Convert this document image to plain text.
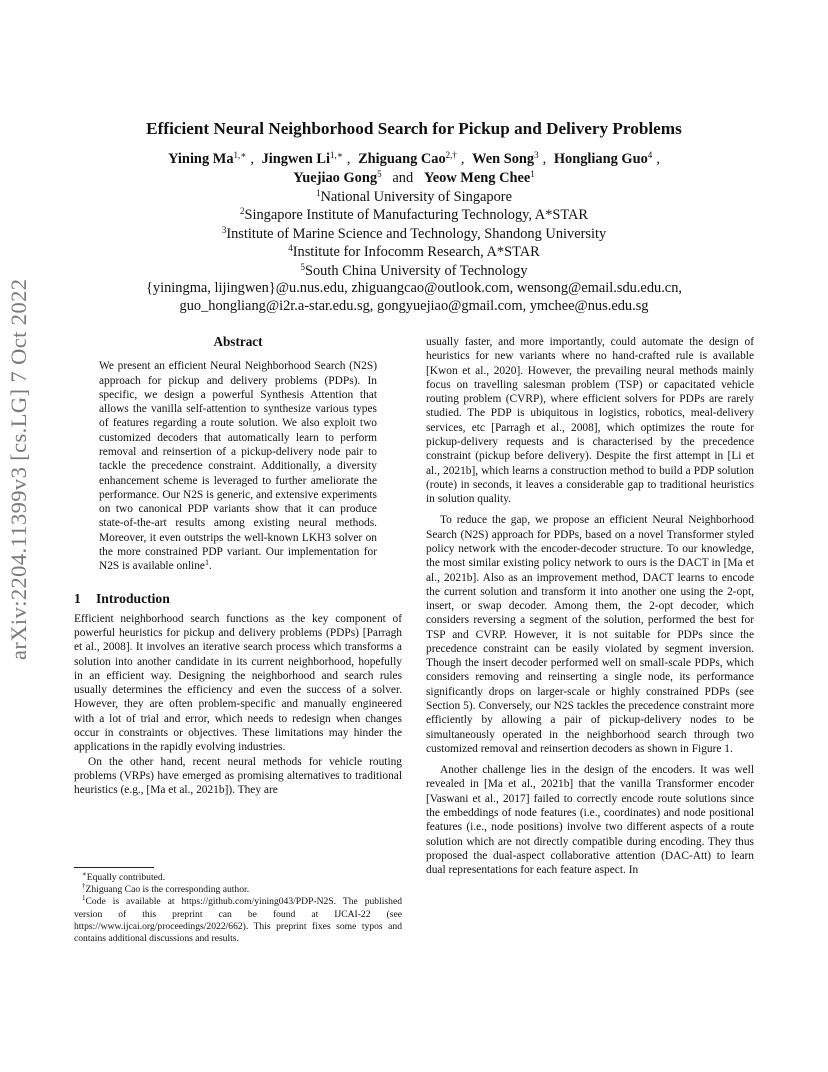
arXiv:2204.11399v3 [cs.LG] 7 Oct 2022
Efficient Neural Neighborhood Search for Pickup and Delivery Problems
Yining $Ma^{1,∗}$ , Jingwen $Li^{1,∗}$ , Zhiguang Cao$^{2,\dagger}$ , Wen Song$^3$ , Hongliang Guo$^4$ ,
Yuejiao Gong$^5$ and Yeow Meng Chee$^1$
$^1$National University of Singapore
$^2$Singapore Institute of Manufacturing Technology, A*STAR
$^3$Institute of Marine Science and Technology, Shandong University
$^4$Institute for Infocomm Research, A*STAR
$^5$South China University of Technology
{yiningma, lijingwen}@u.nus.edu, zhiguangcao@outlook.com, wensong@email.sdu.edu.cn,
guo_hongliang@i2r.a-star.edu.sg, gongyuejiao@gmail.com, ymchee@nus.edu.sg

Abstract

We present an efficient Neural Neighborhood Search (N2S) approach for pickup and delivery problems (PDPs). In specific, we design a powerful Synthesis Attention that allows the vanilla self-attention to synthesize various types of features regarding a route solution. We also exploit two customized decoders that automatically learn to perform removal and reinsertion of a pickup-delivery node pair to tackle the precedence constraint. Additionally, a diversity enhancement scheme is leveraged to further ameliorate the performance. Our N2S is generic, and extensive experiments on two canonical PDP variants show that it can produce state-of-the-art results among existing neural methods. Moreover, it even outstrips the well-known LKH3 solver on the more constrained PDP variant. Our implementation for N2S is available online$^1$.

1 Introduction

Efficient neighborhood search functions as the key component of powerful heuristics for pickup and delivery problems (PDPs) [Parragh et al., 2008]. It involves an iterative search process which transforms a solution into another candidate in its current neighborhood, hopefully in an efficient way. Designing the neighborhood and search rules usually determines the efficiency and even the success of a solver. However, they are often problem-specific and manually engineered with a lot of trial and error, which needs to redesign when changes occur in constraints or objectives. These limitations may hinder the applications in the rapidly evolving industries.

On the other hand, recent neural methods for vehicle routing problems (VRPs) have emerged as promising alternatives to traditional heuristics (e.g., [Ma et al., 2021b]). They are

∗Equally contributed.

†Zhiguang Cao is the corresponding author.

$^1$Code is available at https://github.com/yining043/PDP-N2S. The published version of this preprint can be found at IJCAI-22 (see https://www.ijcai.org/proceedings/2022/662). This preprint fixes some typos and contains additional discussions and results.

usually faster, and more importantly, could automate the design of heuristics for new variants where no hand-crafted rule is available [Kwon et al., 2020]. However, the prevailing neural methods mainly focus on travelling salesman problem (TSP) or capacitated vehicle routing problem (CVRP), where efficient solvers for PDPs are rarely studied. The PDP is ubiquitous in logistics, robotics, meal-delivery services, etc [Parragh et al., 2008], which optimizes the route for pickup-delivery requests and is characterised by the precedence constraint (pickup before delivery). Despite the first attempt in [Li et al., 2021b], which learns a construction method to build a PDP solution (route) in seconds, it leaves a considerable gap to traditional heuristics in solution quality.

To reduce the gap, we propose an efficient Neural Neighborhood Search (N2S) approach for PDPs, based on a novel Transformer styled policy network with the encoder-decoder structure. To our knowledge, the most similar existing policy network to ours is the DACT in [Ma et al., 2021b]. Also as an improvement method, DACT learns to encode the current solution and transform it into another one using the 2-opt, insert, or swap decoder. Among them, the 2-opt decoder, which considers reversing a segment of the solution, performed the best for TSP and CVRP. However, it is not suitable for PDPs since the precedence constraint can be easily violated by segment inversion. Though the insert decoder performed well on small-scale PDPs, which considers removing and reinserting a single node, its performance significantly drops on larger-scale or highly constrained PDPs (see Section 5). Conversely, our N2S tackles the precedence constraint more efficiently by allowing a pair of pickup-delivery nodes to be simultaneously operated in the neighborhood search through two customized removal and reinsertion decoders as shown in Figure 1.

Another challenge lies in the design of the encoders. It was well revealed in [Ma et al., 2021b] that the vanilla Transformer encoder [Vaswani et al., 2017] failed to correctly encode route solutions since the embeddings of node features (i.e., coordinates) and node positional features (i.e., node positions) involve two different aspects of a route solution which are not directly compatible during encoding. They thus proposed the dual-aspect collaborative attention (DAC-Att) to learn dual representations for each feature aspect. In
